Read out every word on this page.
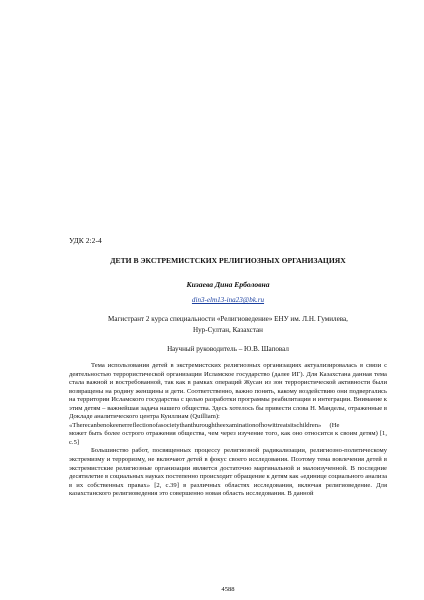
УДК 2:2-4
ДЕТИ В ЭКСТРЕМИСТСКИХ РЕЛИГИОЗНЫХ ОРГАНИЗАЦИЯХ
Кизаева Дина Ерболовна
din3-elm13-ina23@bk.ru
Магистрант 2 курса специальности «Религиоведение» ЕНУ им. Л.Н. Гумилева,
Нур-Султан, Казахстан
Научный руководитель – Ю.В. Шаповал

Тема использования детей в экстремистских религиозных организациях актуализировалась в связи с деятельностью террористической организации Исламское государство (далее ИГ). Для Казахстана данная тема стала важной и востребованной, так как в рамках операций Жусан из зон террористической активности были возвращены на родину женщины и дети. Соответственно, важно понять, какому воздействию они подвергались на территории Исламского государства с целью разработки программы реабилитации и интеграции. Внимание к этим детям – важнейшая задача нашего общества. Здесь хотелось бы привести слова Н. Манделы, отраженные в Докладе аналитического центра Куиллиам (Quilliam):

«Therecanbenokeenerreflectionofasocietythanthuroughtheexaminationofhowittreatsitschildren» (Не

может быть более острого отражения общества, чем через изучение того, как оно относится к своим детям) [1, с.5]

Большинство работ, посвященных процессу религиозной радикализации, религиозно-политическому экстремизму и терроризму, не включают детей в фокус своего исследования. Поэтому тема вовлечения детей в экстремистские религиозные организации является достаточно маргинальной и малоизученной. В последние десятилетие в социальных науках постепенно происходит обращение к детям как «единице социального анализа в их собственных правах» [2, с.39] в различных областях исследования, включая религиоведение. Для казахстанского религиоведения это совершенно новая область исследования. В данной

4588
